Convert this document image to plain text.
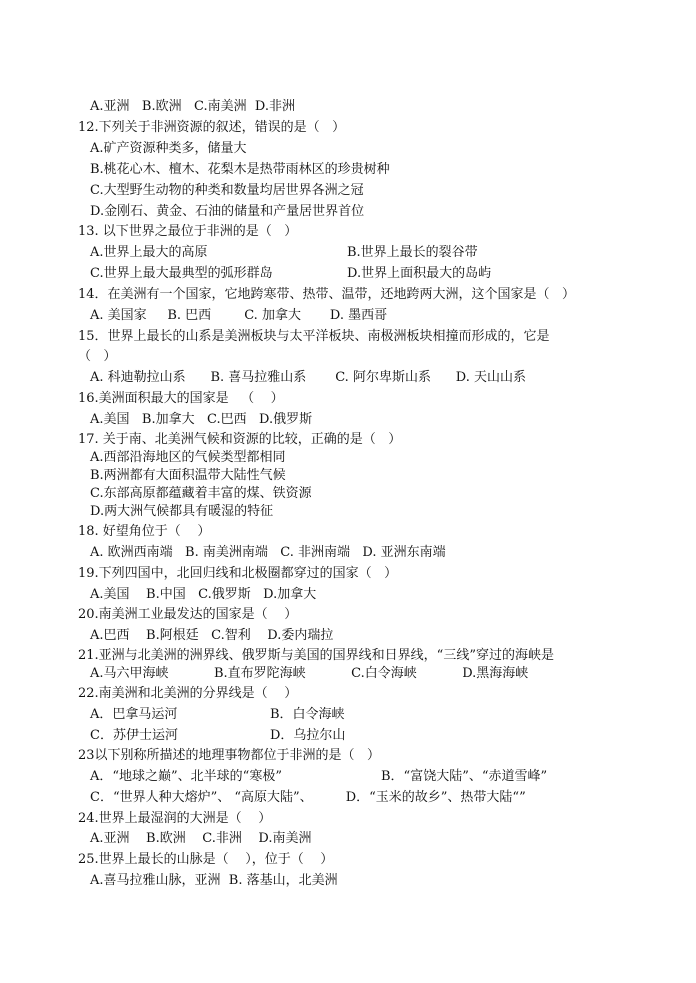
A.亚洲   B.欧洲   C.南美洲  D.非洲
12.下列关于非洲资源的叙述，错误的是（   ）
A.矿产资源种类多，储量大
B.桃花心木、檀木、花梨木是热带雨林区的珍贵树种
C.大型野生动物的种类和数量均居世界各洲之冠
D.金刚石、黄金、石油的储量和产量居世界首位
13. 以下世界之最位于非洲的是（   ）
A.世界上最大的高原	B.世界上最长的裂谷带
C.世界上最大最典型的弧形群岛	D.世界上面积最大的岛屿
14．在美洲有一个国家，它地跨寒带、热带、温带，还地跨两大洲，这个国家是（   ）
A. 美国家     B. 巴西        C. 加拿大       D. 墨西哥
15．世界上最长的山系是美洲板块与太平洋板块、南极洲板块相撞而形成的，它是
（   ）
A. 科迪勒拉山系      B. 喜马拉雅山系       C. 阿尔卑斯山系      D. 天山山系
16.美洲面积最大的国家是   （    ）
A.美国   B.加拿大   C.巴西   D.俄罗斯
17. 关于南、北美洲气候和资源的比较，正确的是（   ）
A.西部沿海地区的气候类型都相同
B.两洲都有大面积温带大陆性气候
C.东部高原都蕴藏着丰富的煤、铁资源
D.两大洲气候都具有暖湿的特征
18. 好望角位于（    ）
A. 欧洲西南端   B. 南美洲南端   C. 非洲南端   D. 亚洲东南端
19.下列四国中，北回归线和北极圈都穿过的国家（   ）
A.美国    B.中国   C.俄罗斯   D.加拿大
20.南美洲工业最发达的国家是（    ）
A.巴西    B.阿根廷   C.智利    D.委内瑞拉
21.亚洲与北美洲的洲界线、俄罗斯与美国的国界线和日界线，“三线”穿过的海峡是
A.马六甲海峡           B.直布罗陀海峡           C.白令海峡           D.黑海海峡
22.南美洲和北美洲的分界线是（    ）
A．巴拿马运河	B．白令海峡
C．苏伊士运河	D．乌拉尔山
23以下别称所描述的地理事物都位于非洲的是（   ）
A．“地球之巅”、北半球的“寒极”	B．“富饶大陆”、“赤道雪峰”
C．“世界人种大熔炉”、 “高原大陆”、        D．“玉米的故乡”、热带大陆“”
24.世界上最湿润的大洲是（    ）
A.亚洲    B.欧洲    C.非洲    D.南美洲
25.世界上最长的山脉是（    ），位于（    ）
A.喜马拉雅山脉，亚洲  B. 落基山，北美洲
